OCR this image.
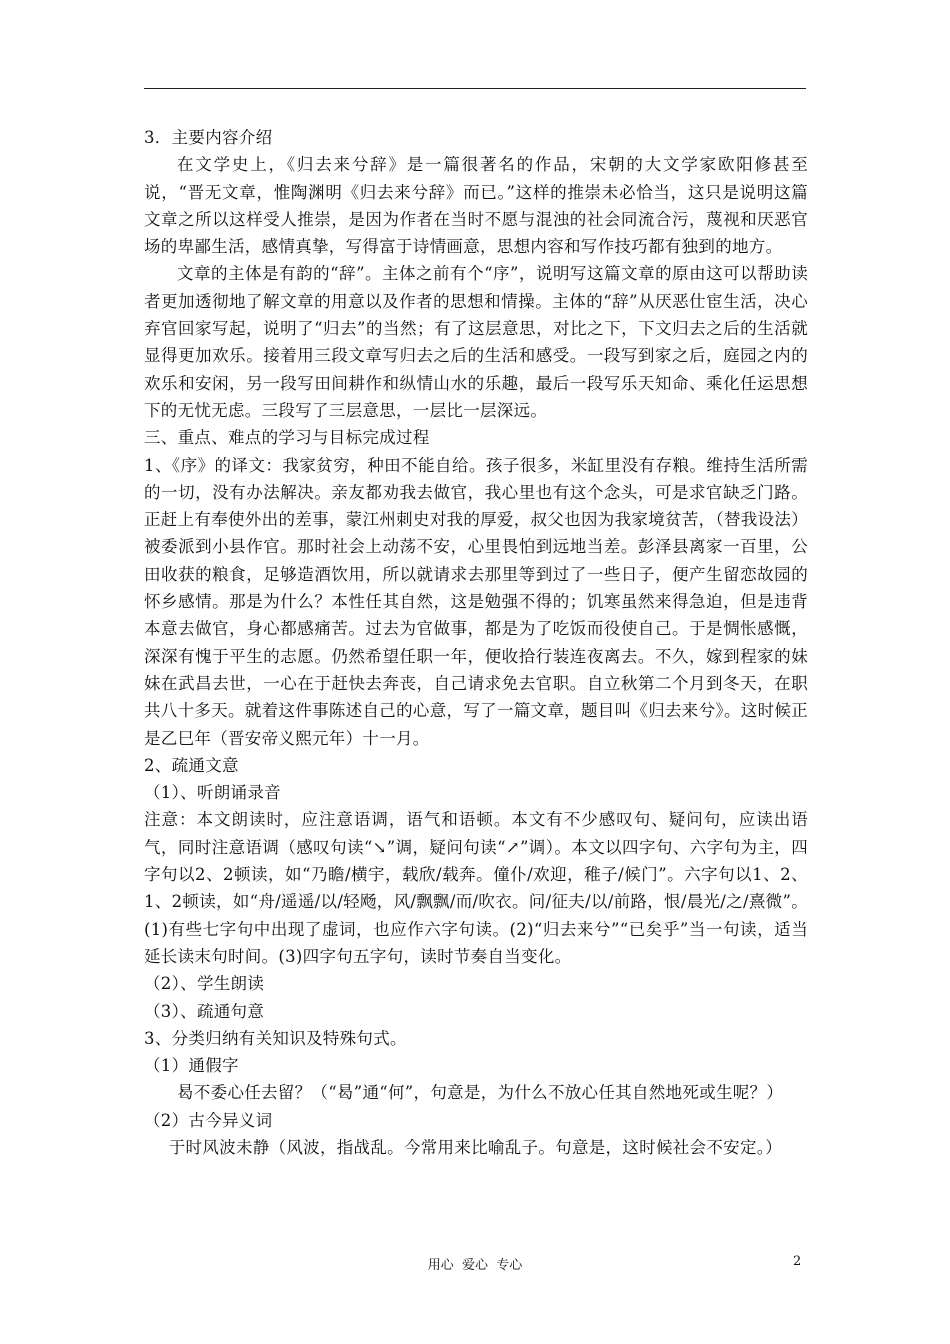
3．主要内容介绍

在文学史上，《归去来兮辞》是一篇很著名的作品，宋朝的大文学家欧阳修甚至说，“晋无文章，惟陶渊明《归去来兮辞》而已。”这样的推崇未必恰当，这只是说明这篇文章之所以这样受人推崇，是因为作者在当时不愿与混浊的社会同流合污，蔑视和厌恶官场的卑鄙生活，感情真挚，写得富于诗情画意，思想内容和写作技巧都有独到的地方。

文章的主体是有韵的“辞”。主体之前有个“序”，说明写这篇文章的原由这可以帮助读者更加透彻地了解文章的用意以及作者的思想和情操。主体的“辞”从厌恶仕宦生活，决心弃官回家写起，说明了“归去”的当然；有了这层意思，对比之下，下文归去之后的生活就显得更加欢乐。接着用三段文章写归去之后的生活和感受。一段写到家之后，庭园之内的欢乐和安闲，另一段写田间耕作和纵情山水的乐趣，最后一段写乐天知命、乘化任运思想下的无忧无虑。三段写了三层意思，一层比一层深远。

三、重点、难点的学习与目标完成过程

1、《序》的译文：我家贫穷，种田不能自给。孩子很多，米缸里没有存粮。维持生活所需的一切，没有办法解决。亲友都劝我去做官，我心里也有这个念头，可是求官缺乏门路。正赶上有奉使外出的差事，蒙江州刺史对我的厚爱，叔父也因为我家境贫苦，（替我设法）被委派到小县作官。那时社会上动荡不安，心里畏怕到远地当差。彭泽县离家一百里，公田收获的粮食，足够造酒饮用，所以就请求去那里等到过了一些日子，便产生留恋故园的怀乡感情。那是为什么？本性任其自然，这是勉强不得的；饥寒虽然来得急迫，但是违背本意去做官，身心都感痛苦。过去为官做事，都是为了吃饭而役使自己。于是惆怅感慨，深深有愧于平生的志愿。仍然希望任职一年，便收拾行装连夜离去。不久，嫁到程家的妹妹在武昌去世，一心在于赶快去奔丧，自己请求免去官职。自立秋第二个月到冬天，在职共八十多天。就着这件事陈述自己的心意，写了一篇文章，题目叫《归去来兮》。这时候正是乙巳年（晋安帝义熙元年）十一月。

2、疏通文意

（1）、听朗诵录音

注意：本文朗读时，应注意语调，语气和语顿。本文有不少感叹句、疑问句，应读出语气，同时注意语调（感叹句读“↘”调，疑问句读“↗”调）。本文以四字句、六字句为主，四字句以2、2顿读，如“乃瞻/横宇，载欣/载奔。僮仆/欢迎，稚子/候门”。六字句以1、2、1、2顿读，如“舟/遥遥/以/轻飏，风/飘飘/而/吹衣。问/征夫/以/前路，恨/晨光/之/熹微”。(1)有些七字句中出现了虚词，也应作六字句读。(2)“归去来兮”“已矣乎”当一句读，适当延长读末句时间。(3)四字句五字句，读时节奏自当变化。

（2）、学生朗读

（3）、疏通句意

3、分类归纳有关知识及特殊句式。

（1）通假字

曷不委心任去留？（“曷”通“何”，句意是，为什么不放心任其自然地死或生呢？）

（2）古今异义词

于时风波未静（风波，指战乱。今常用来比喻乱子。句意是，这时候社会不安定。）

用心  爱心  专心	2
